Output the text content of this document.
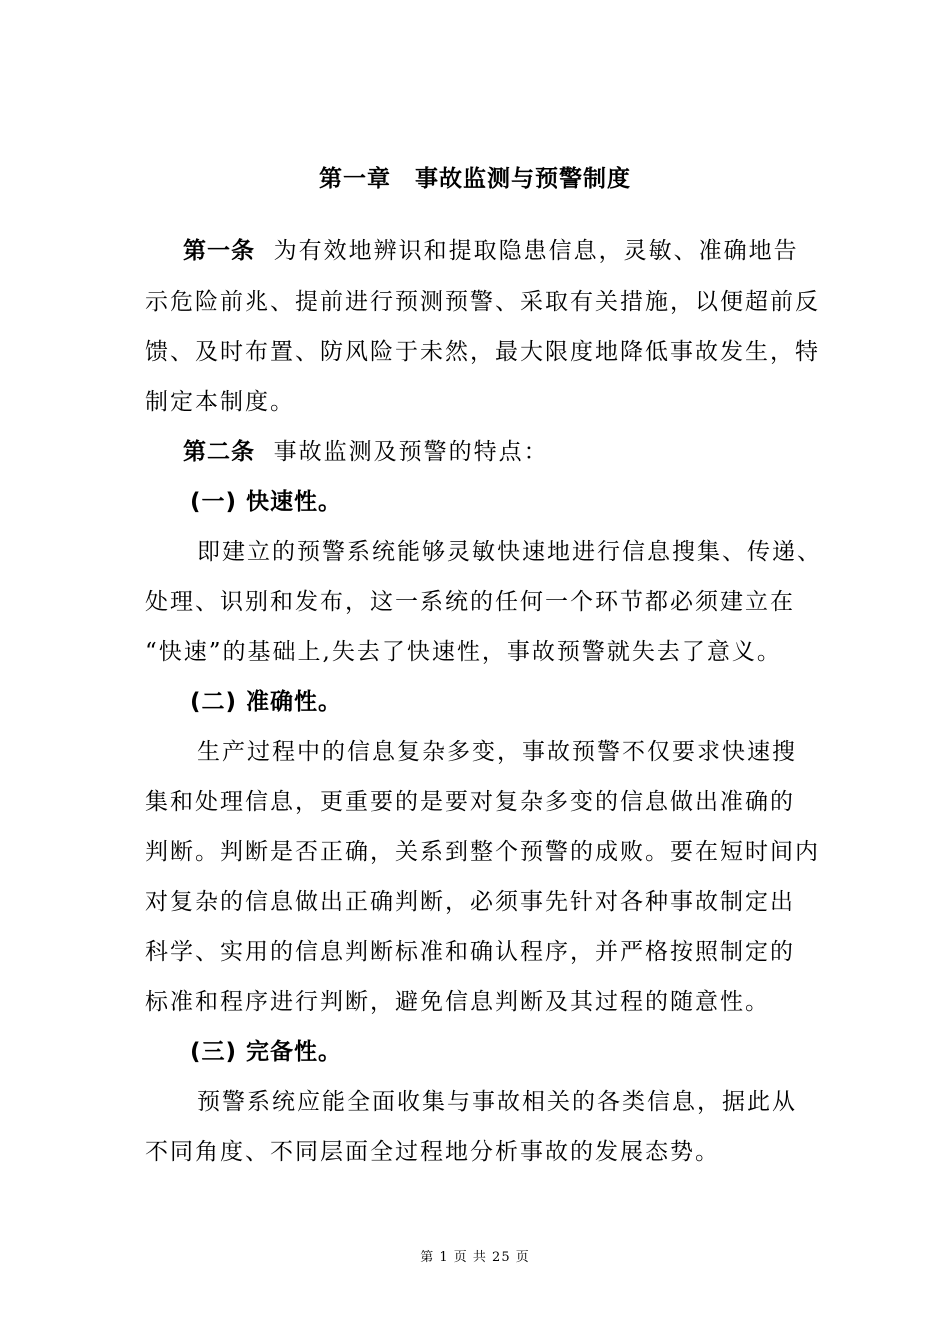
第一章　事故监测与预警制度
第一条 为有效地辨识和提取隐患信息，灵敏、准确地告
示危险前兆、提前进行预测预警、采取有关措施，以便超前反
馈、及时布置、防风险于未然，最大限度地降低事故发生，特
制定本制度。
第二条 事故监测及预警的特点：
(一) 快速性。
即建立的预警系统能够灵敏快速地进行信息搜集、传递、
处理、识别和发布，这一系统的任何一个环节都必须建立在
“快速”的基础上,失去了快速性，事故预警就失去了意义。
(二) 准确性。
生产过程中的信息复杂多变，事故预警不仅要求快速搜
集和处理信息，更重要的是要对复杂多变的信息做出准确的
判断。判断是否正确，关系到整个预警的成败。要在短时间内
对复杂的信息做出正确判断，必须事先针对各种事故制定出
科学、实用的信息判断标准和确认程序，并严格按照制定的
标准和程序进行判断，避免信息判断及其过程的随意性。
(三) 完备性。
预警系统应能全面收集与事故相关的各类信息，据此从
不同角度、不同层面全过程地分析事故的发展态势。
第 1 页 共 25 页
